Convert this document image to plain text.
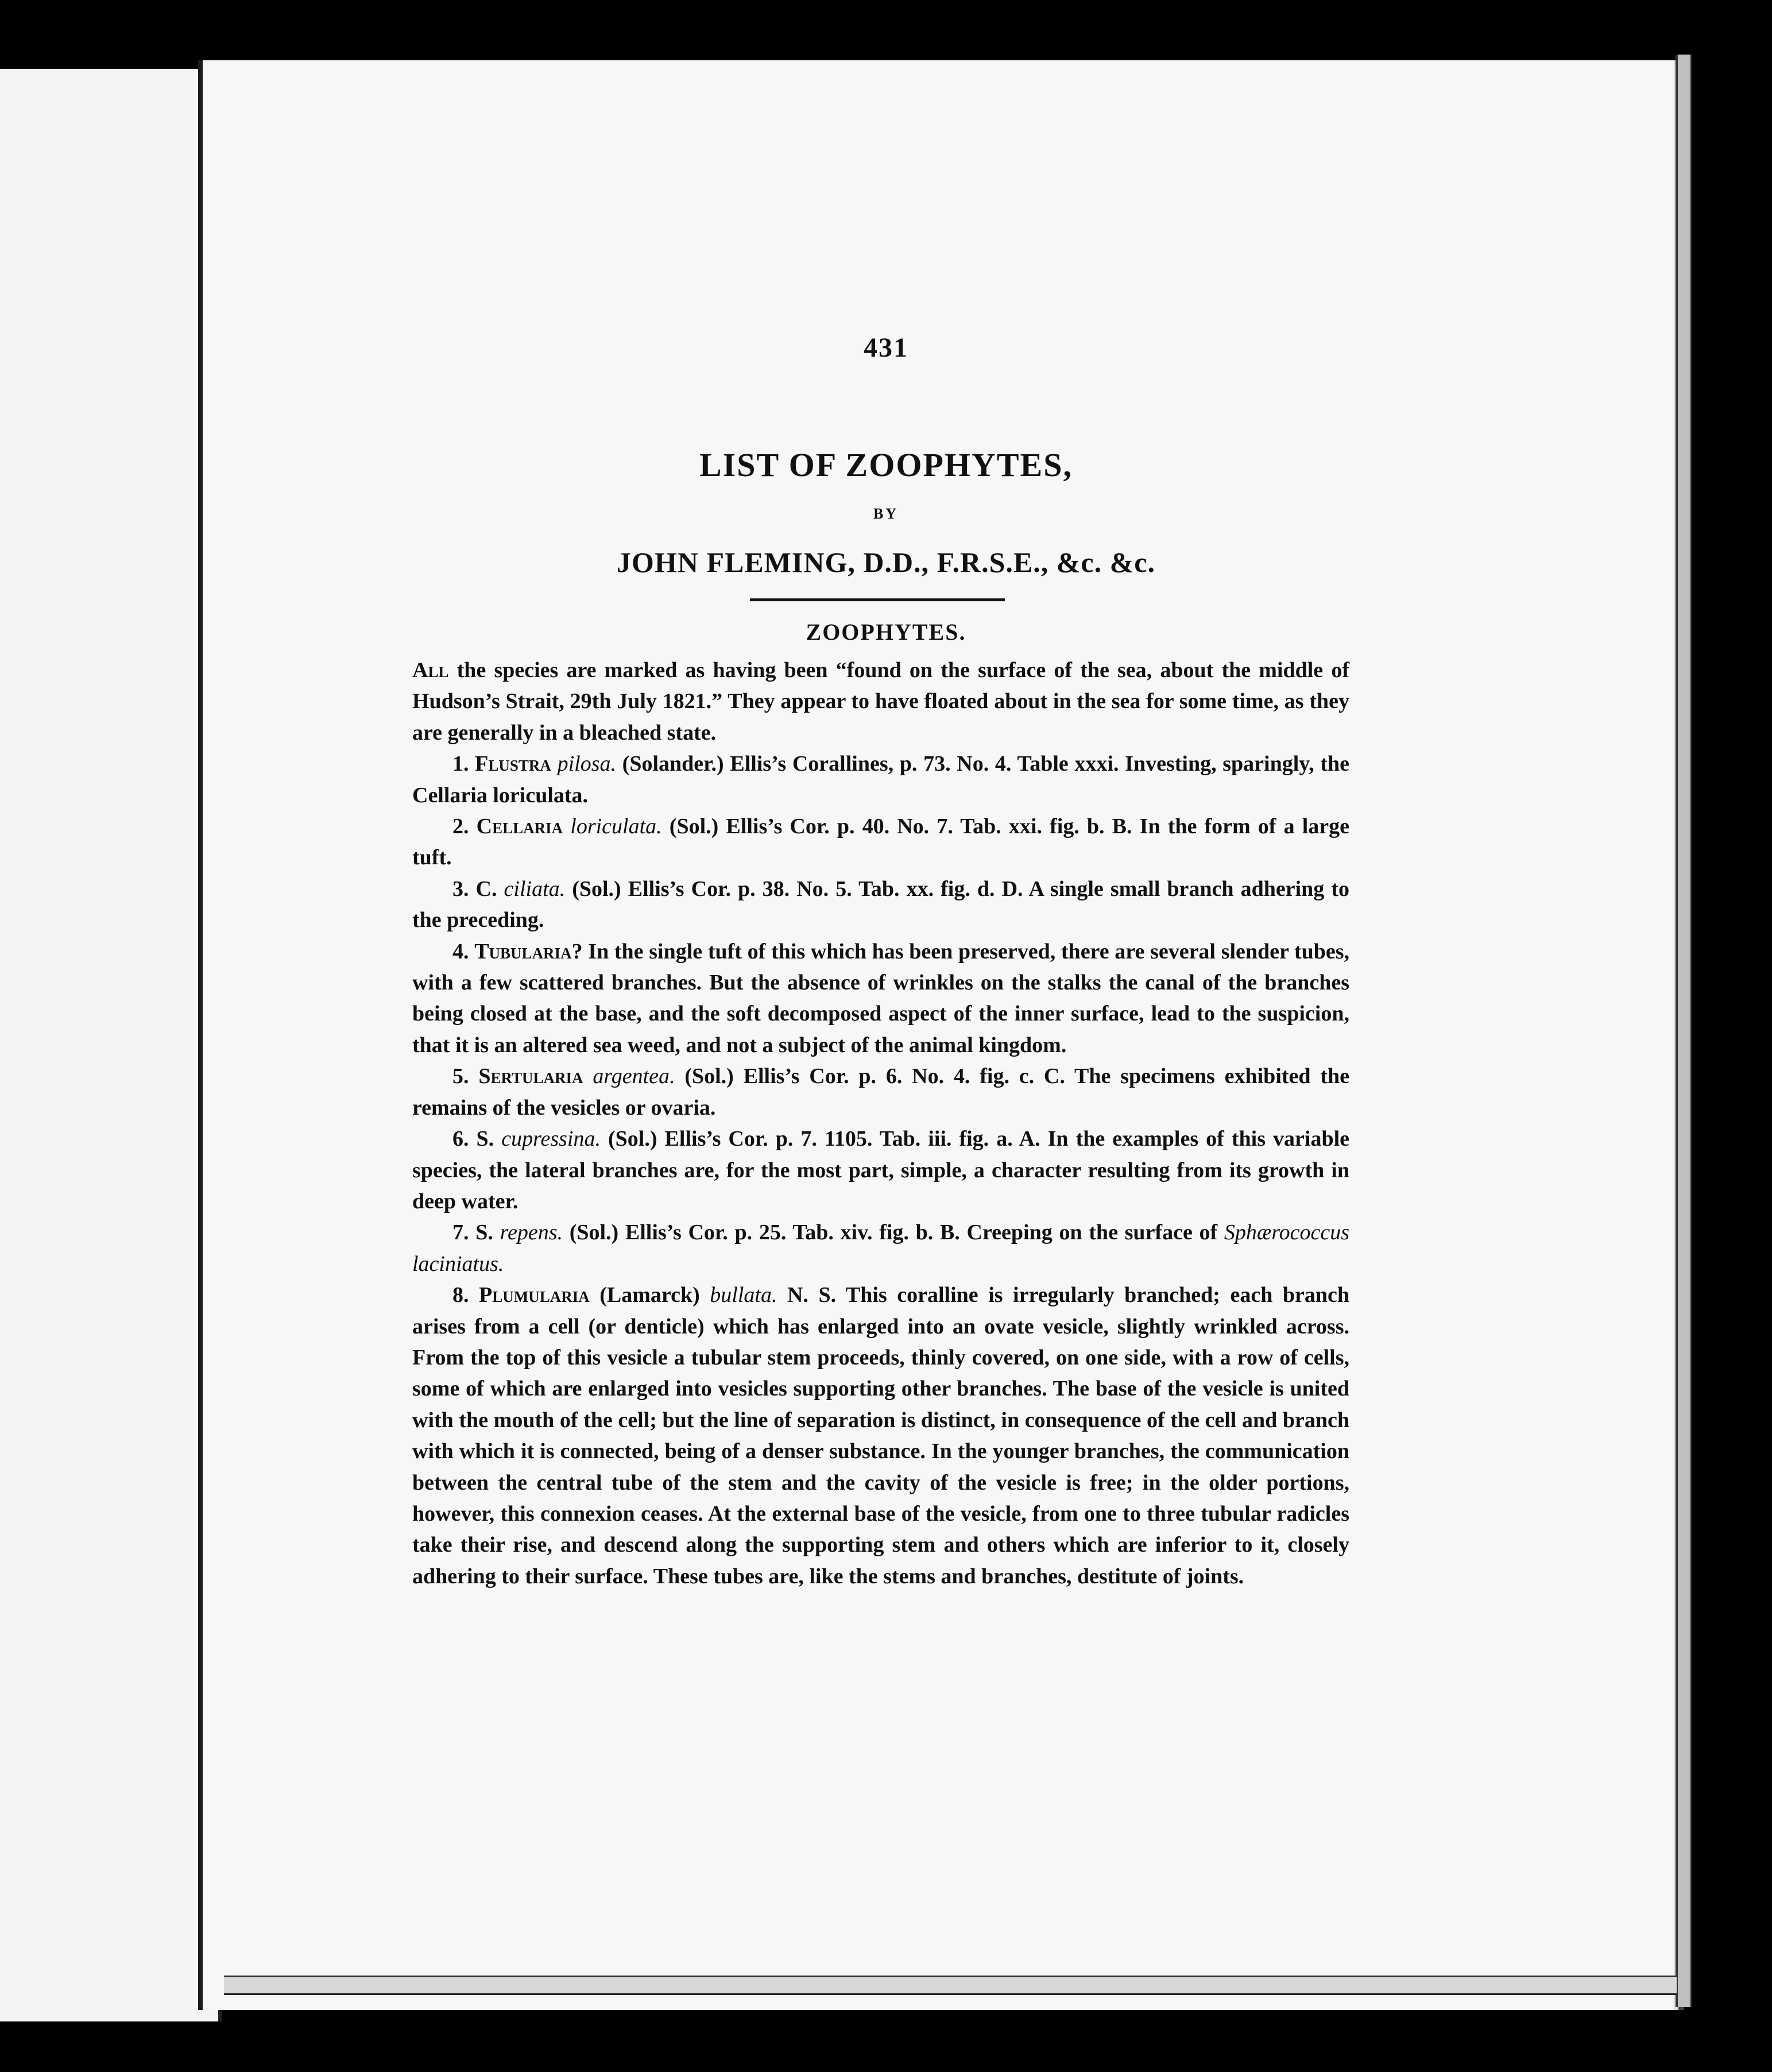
431
LIST OF ZOOPHYTES,
BY
JOHN FLEMING, D.D., F.R.S.E., &c. &c.
ZOOPHYTES.

All the species are marked as having been “found on the surface of the sea, about the middle of Hudson’s Strait, 29th July 1821.” They appear to have floated about in the sea for some time, as they are generally in a bleached state.

1. Flustra pilosa. (Solander.) Ellis’s Corallines, p. 73. No. 4. Table xxxi. Investing, sparingly, the Cellaria loriculata.

2. Cellaria loriculata. (Sol.) Ellis’s Cor. p. 40. No. 7. Tab. xxi. fig. b. B. In the form of a large tuft.

3. C. ciliata. (Sol.) Ellis’s Cor. p. 38. No. 5. Tab. xx. fig. d. D. A single small branch adhering to the preceding.

4. Tubularia? In the single tuft of this which has been preserved, there are several slender tubes, with a few scattered branches. But the absence of wrinkles on the stalks the canal of the branches being closed at the base, and the soft decomposed aspect of the inner surface, lead to the suspicion, that it is an altered sea weed, and not a subject of the animal kingdom.

5. Sertularia argentea. (Sol.) Ellis’s Cor. p. 6. No. 4. fig. c. C. The specimens exhibited the remains of the vesicles or ovaria.

6. S. cupressina. (Sol.) Ellis’s Cor. p. 7. 1105. Tab. iii. fig. a. A. In the examples of this variable species, the lateral branches are, for the most part, simple, a character resulting from its growth in deep water.

7. S. repens. (Sol.) Ellis’s Cor. p. 25. Tab. xiv. fig. b. B. Creeping on the surface of Sphærococcus laciniatus.

8. Plumularia (Lamarck) bullata. N. S. This coralline is irregularly branched; each branch arises from a cell (or denticle) which has enlarged into an ovate vesicle, slightly wrinkled across. From the top of this vesicle a tubular stem proceeds, thinly covered, on one side, with a row of cells, some of which are enlarged into vesicles supporting other branches. The base of the vesicle is united with the mouth of the cell; but the line of separation is distinct, in consequence of the cell and branch with which it is connected, being of a denser substance. In the younger branches, the communication between the central tube of the stem and the cavity of the vesicle is free; in the older portions, however, this connexion ceases. At the external base of the vesicle, from one to three tubular radicles take their rise, and descend along the supporting stem and others which are inferior to it, closely adhering to their surface. These tubes are, like the stems and branches, destitute of joints.
